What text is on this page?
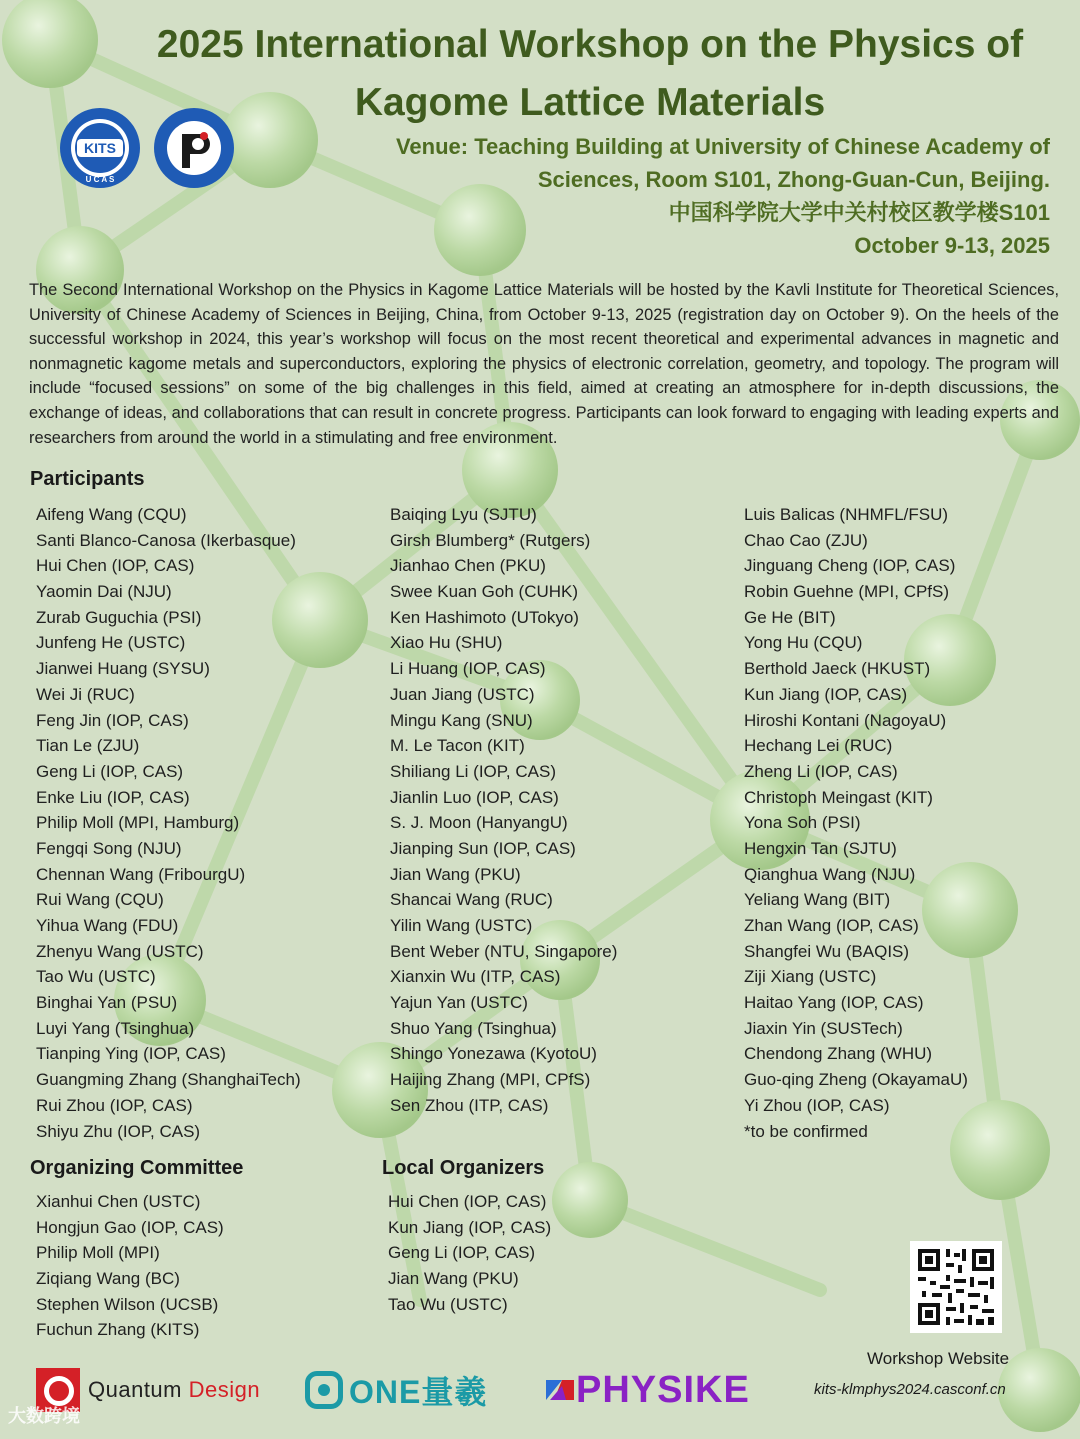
2025 International Workshop on the Physics of
Kagome Lattice Materials
KITS
U C A S
Venue: Teaching Building at University of Chinese Academy of
Sciences, Room S101, Zhong-Guan-Cun, Beijing.
中国科学院大学中关村校区教学楼S101
October 9-13, 2025

The Second International Workshop on the Physics in Kagome Lattice Materials will be hosted by the Kavli Institute for Theoretical Sciences, University of Chinese Academy of Sciences in Beijing, China, from October 9-13, 2025 (registration day on October 9). On the heels of the successful workshop in 2024, this year’s workshop will focus on the most recent theoretical and experimental advances in magnetic and nonmagnetic kagome metals and superconductors, exploring the physics of electronic correlation, geometry, and topology. The program will include “focused sessions” on some of the big challenges in this field, aimed at creating an atmosphere for in-depth discussions, the exchange of ideas, and collaborations that can result in concrete progress. Participants can look forward to engaging with leading experts and researchers from around the world in a stimulating and free environment.

Participants
Aifeng Wang (CQU)
Santi Blanco-Canosa (Ikerbasque)
Hui Chen (IOP, CAS)
Yaomin Dai (NJU)
Zurab Guguchia (PSI)
Junfeng He (USTC)
Jianwei Huang (SYSU)
Wei Ji (RUC)
Feng Jin (IOP, CAS)
Tian Le (ZJU)
Geng Li (IOP, CAS)
Enke Liu (IOP, CAS)
Philip Moll (MPI, Hamburg)
Fengqi Song (NJU)
Chennan Wang (FribourgU)
Rui Wang (CQU)
Yihua Wang (FDU)
Zhenyu Wang (USTC)
Tao Wu (USTC)
Binghai Yan (PSU)
Luyi Yang (Tsinghua)
Tianping Ying (IOP, CAS)
Guangming Zhang (ShanghaiTech)
Rui Zhou (IOP, CAS)
Shiyu Zhu (IOP, CAS)
Baiqing Lyu (SJTU)
Girsh Blumberg* (Rutgers)
Jianhao Chen (PKU)
Swee Kuan Goh (CUHK)
Ken Hashimoto (UTokyo)
Xiao Hu (SHU)
Li Huang (IOP, CAS)
Juan Jiang (USTC)
Mingu Kang (SNU)
M. Le Tacon (KIT)
Shiliang Li (IOP, CAS)
Jianlin Luo (IOP, CAS)
S. J. Moon (HanyangU)
Jianping Sun (IOP, CAS)
Jian Wang (PKU)
Shancai Wang (RUC)
Yilin Wang (USTC)
Bent Weber (NTU, Singapore)
Xianxin Wu (ITP, CAS)
Yajun Yan (USTC)
Shuo Yang (Tsinghua)
Shingo Yonezawa (KyotoU)
Haijing Zhang (MPI, CPfS)
Sen Zhou (ITP, CAS)
Luis Balicas (NHMFL/FSU)
Chao Cao (ZJU)
Jinguang Cheng (IOP, CAS)
Robin Guehne (MPI, CPfS)
Ge He (BIT)
Yong Hu (CQU)
Berthold Jaeck (HKUST)
Kun Jiang (IOP, CAS)
Hiroshi Kontani (NagoyaU)
Hechang Lei (RUC)
Zheng Li (IOP, CAS)
Christoph Meingast (KIT)
Yona Soh (PSI)
Hengxin Tan (SJTU)
Qianghua Wang (NJU)
Yeliang Wang (BIT)
Zhan Wang (IOP, CAS)
Shangfei Wu (BAQIS)
Ziji Xiang (USTC)
Haitao Yang (IOP, CAS)
Jiaxin Yin (SUSTech)
Chendong Zhang (WHU)
Guo-qing Zheng (OkayamaU)
Yi Zhou (IOP, CAS)
*to be confirmed
Organizing Committee
Xianhui Chen (USTC)
Hongjun Gao (IOP, CAS)
Philip Moll (MPI)
Ziqiang Wang (BC)
Stephen Wilson (UCSB)
Fuchun Zhang (KITS)
Local Organizers
Hui Chen (IOP, CAS)
Kun Jiang (IOP, CAS)
Geng Li (IOP, CAS)
Jian Wang (PKU)
Tao Wu (USTC)
Workshop Website
kits-klmphys2024.casconf.cn
Quantum Design	ONE量羲 PHYSIKE
大数跨境
